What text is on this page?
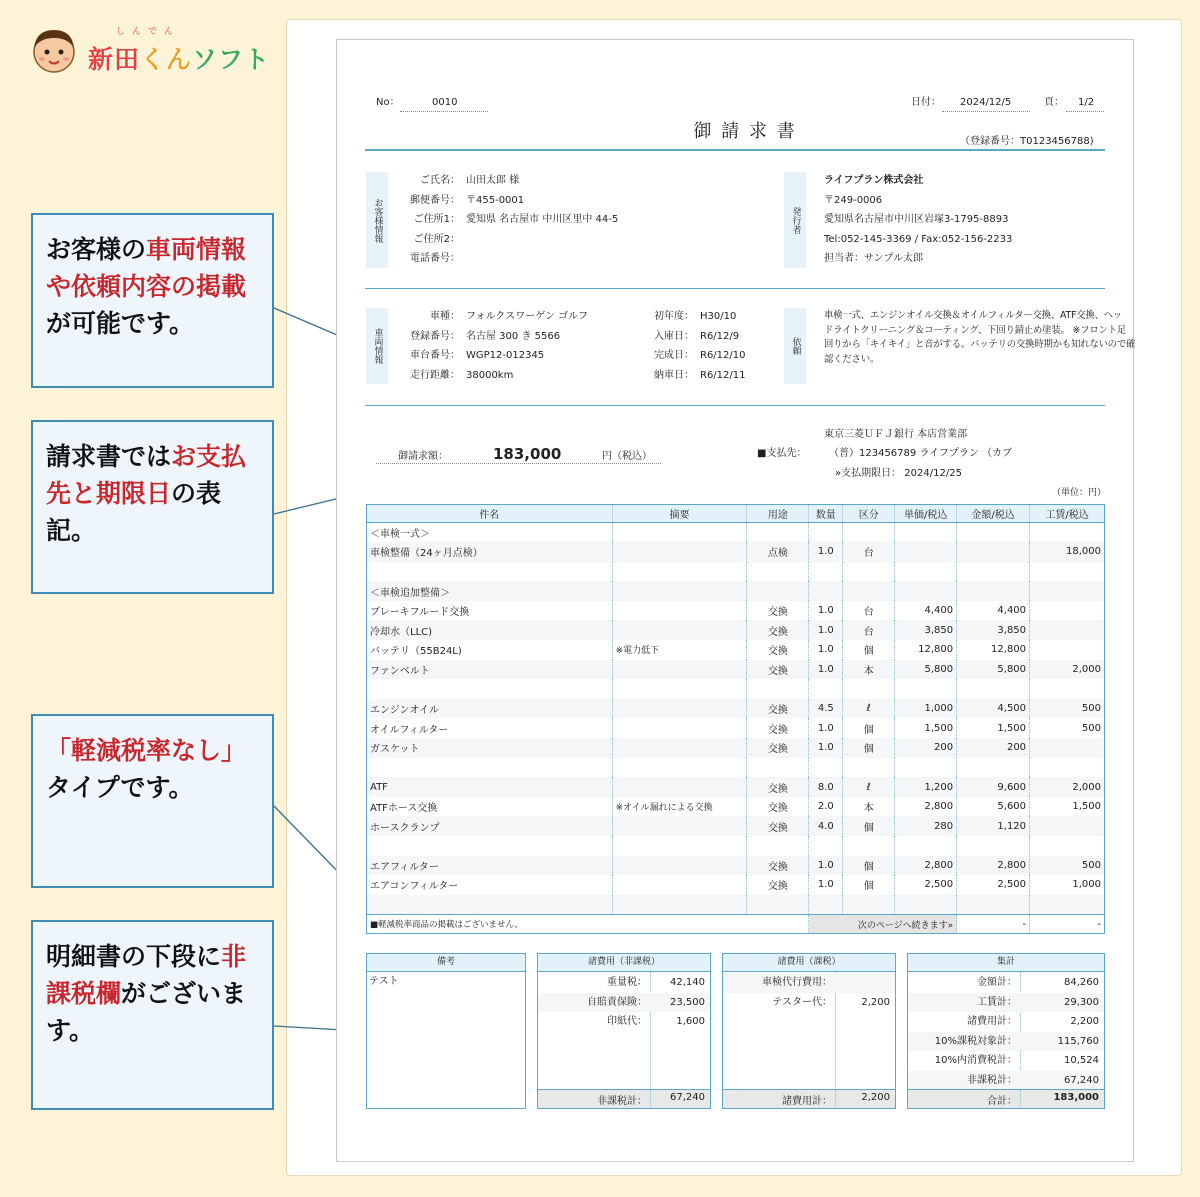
しんでん
新田くんソフト
お客様の車両情報や依頼内容の掲載が可能です。
請求書ではお支払先と期限日の表記。
「軽減税率なし」タイプです。
明細書の下段に非課税欄がございます。
No：	0010	日付： 2024/12/5	頁： 1/2
御 請 求 書	（登録番号：T0123456788)
お客様情報
ご氏名： 山田太郎 様
郵便番号： 〒455-0001
ご住所1： 愛知県 名古屋市 中川区里中 44-5
ご住所2：
電話番号：
発行者
ライフプラン株式会社
〒249-0006
愛知県名古屋市中川区岩塚3-1795-8893
Tel:052-145-3369 / Fax:052-156-2233
担当者：サンプル太郎
車両情報
車種： フォルクスワーゲン ゴルフ
登録番号： 名古屋 300 き 5566
車台番号： WGP12-012345
走行距離： 38000km
初年度： H30/10
入庫日： R6/12/9
完成日： R6/12/10
納車日： R6/12/11
依頼
車検一式、エンジンオイル交換＆オイルフィルター交換、ATF交換、ヘッ
ドライトクリーニング＆コーティング、下回り錆止め塗装。 ※フロント足
回りから「キイキイ」と音がする。バッテリの交換時期かも知れないので確
認ください。
御請求額：	183,000	円（税込）
東京三菱ＵＦＪ銀行 本店営業部
■支払先： （普）123456789 ライフプラン （カブ
»支払期限日： 2024/12/25
（単位：円）
件名	摘要	用途	数量	区分	単価/税込	金額/税込	工賃/税込
＜車検一式＞							
車検整備（24ヶ月点検）		点検	1.0	台			18,000

＜車検追加整備＞							
ブレーキフルード交換		交換	1.0	台	4,400	4,400	
冷却水（LLC)		交換	1.0	台	3,850	3,850	
バッテリ（55B24L)	※電力低下	交換	1.0	個	12,800	12,800	
ファンベルト		交換	1.0	本	5,800	5,800	2,000

エンジンオイル		交換	4.5	ℓ	1,000	4,500	500
オイルフィルター		交換	1.0	個	1,500	1,500	500
ガスケット		交換	1.0	個	200	200	

ATF		交換	8.0	ℓ	1,200	9,600	2,000
ATFホース交換	※オイル漏れによる交換	交換	2.0	本	2,800	5,600	1,500
ホースクランプ		交換	4.0	個	280	1,120	

エアフィルター		交換	1.0	個	2,800	2,800	500
エアコンフィルター		交換	1.0	個	2,500	2,500	1,000

■軽減税率商品の掲載はございません。			次のページへ続きます»			-	-
備考
テスト
諸費用（非課税）
重量税： 42,140
自賠責保険： 23,500
印紙代：	1,600
非課税計： 67,240
諸費用（課税）
車検代行費用：
テスター代：	2,200
諸費用計：	2,200
集計
金額計：	84,260
工賃計：	29,300
諸費用計：	2,200
10%課税対象計：	115,760
10%内消費税計：	10,524
非課税計：	67,240
合計：	183,000
